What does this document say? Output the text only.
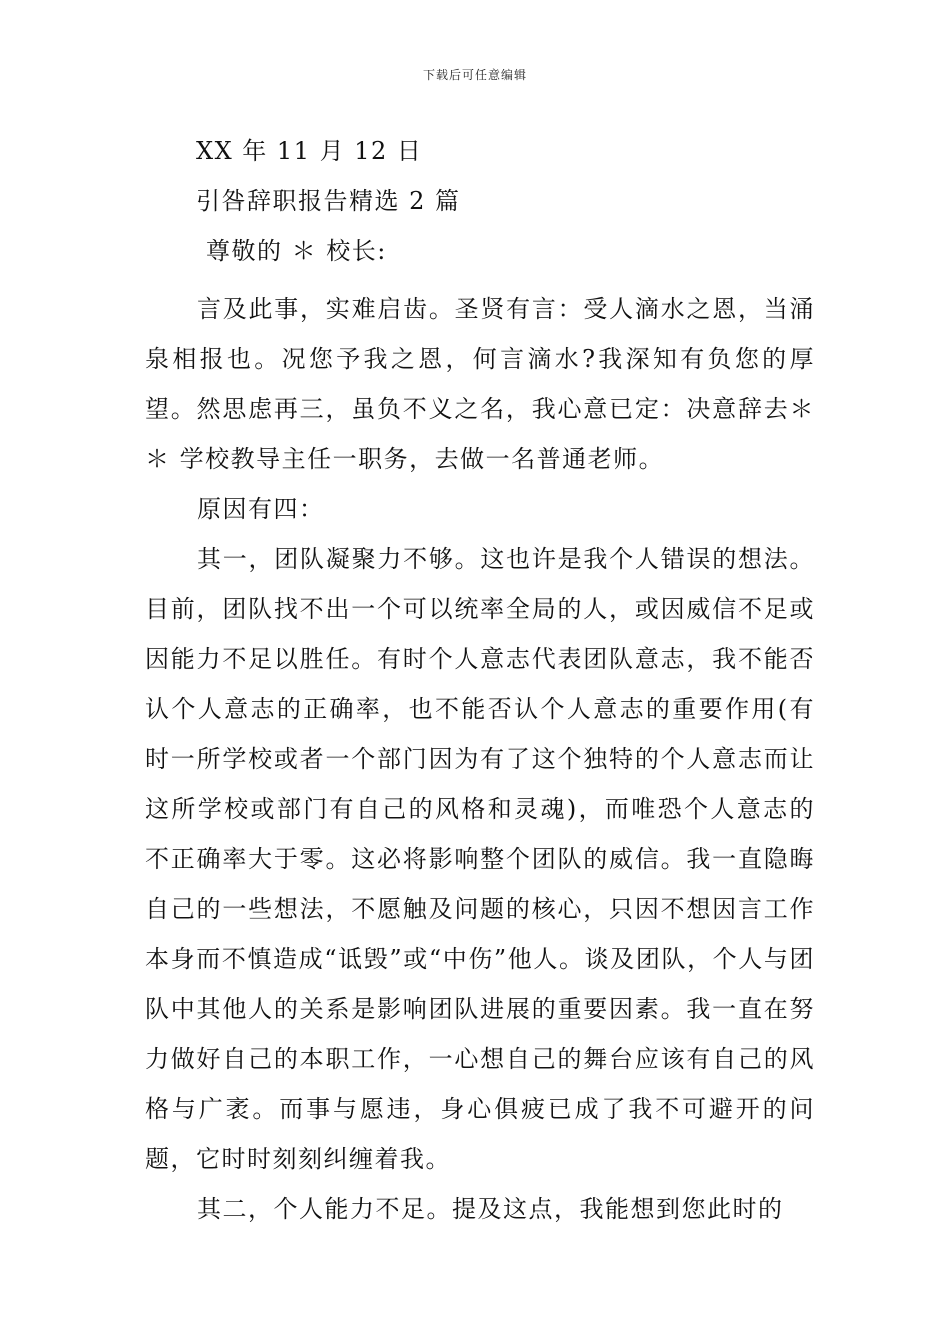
下载后可任意编辑
XX 年 11 月 12 日
引咎辞职报告精选 2 篇
尊敬的 ＊ 校长:

言及此事，实难启齿。圣贤有言：受人滴水之恩，当涌泉相报也。况您予我之恩，何言滴水?我深知有负您的厚望。然思虑再三，虽负不义之名，我心意已定：决意辞去＊＊ 学校教导主任一职务，去做一名普通老师。

原因有四：

其一，团队凝聚力不够。这也许是我个人错误的想法。目前，团队找不出一个可以统率全局的人，或因威信不足或因能力不足以胜任。有时个人意志代表团队意志，我不能否认个人意志的正确率，也不能否认个人意志的重要作用(有时一所学校或者一个部门因为有了这个独特的个人意志而让这所学校或部门有自己的风格和灵魂)，而唯恐个人意志的不正确率大于零。这必将影响整个团队的威信。我一直隐晦自己的一些想法，不愿触及问题的核心，只因不想因言工作本身而不慎造成“诋毁”或“中伤”他人。谈及团队，个人与团队中其他人的关系是影响团队进展的重要因素。我一直在努力做好自己的本职工作，一心想自己的舞台应该有自己的风格与广袤。而事与愿违，身心俱疲已成了我不可避开的问题，它时时刻刻纠缠着我。

其二，个人能力不足。提及这点，我能想到您此时的
